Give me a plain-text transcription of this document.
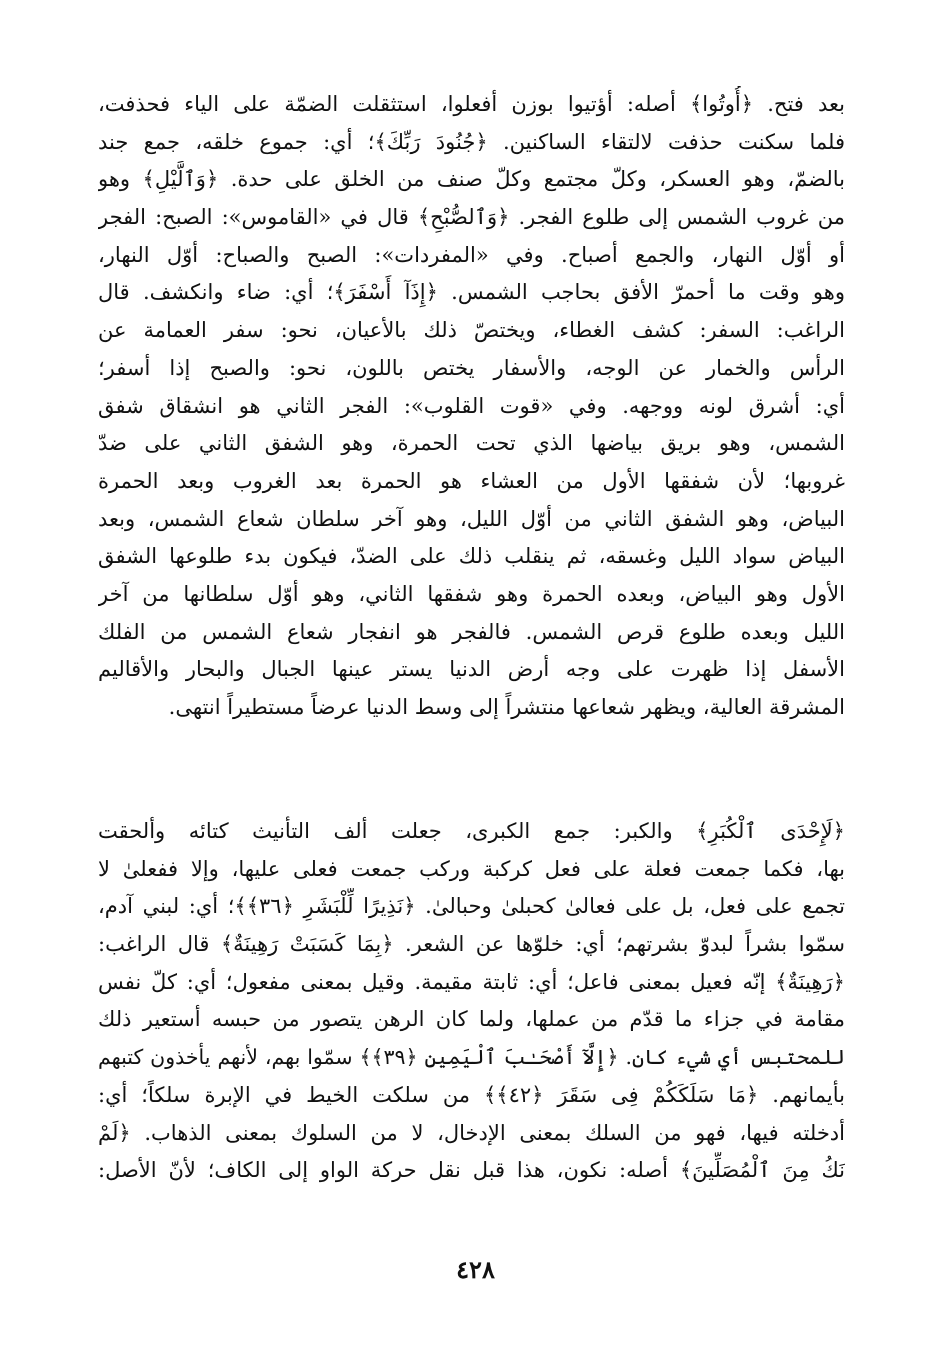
بعد فتح. ﴿أُوتُوا﴾ أصله: أؤتيوا بوزن أفعلوا، استثقلت الضمّة على الياء فحذفت،
فلما سكنت حذفت لالتقاء الساكنين. ﴿جُنُودَ رَبِّكَ﴾؛ أي: جموع خلقه، جمع جند
بالضمّ، وهو العسكر، وكلّ مجتمع وكلّ صنف من الخلق على حدة. ﴿وَٱلَّيْلِ﴾ وهو
من غروب الشمس إلى طلوع الفجر. ﴿وَٱلصُّبْحِ﴾ قال في «القاموس»: الصبح: الفجر
أو أوّل النهار، والجمع أصباح. وفي «المفردات»: الصبح والصباح: أوّل النهار،
وهو وقت ما أحمرّ الأفق بحاجب الشمس. ﴿إِذَآ أَسْفَرَ﴾؛ أي: ضاء وانكشف. قال
الراغب: السفر: كشف الغطاء، ويختصّ ذلك بالأعيان، نحو: سفر العمامة عن
الرأس والخمار عن الوجه، والأسفار يختص باللون، نحو: والصبح إذا أسفر؛
أي: أشرق لونه ووجهه. وفي «قوت القلوب»: الفجر الثاني هو انشقاق شفق
الشمس، وهو بريق بياضها الذي تحت الحمرة، وهو الشفق الثاني على ضدّ
غروبها؛ لأن شفقها الأول من العشاء هو الحمرة بعد الغروب وبعد الحمرة
البياض، وهو الشفق الثاني من أوّل الليل، وهو آخر سلطان شعاع الشمس، وبعد
البياض سواد الليل وغسقه، ثم ينقلب ذلك على الضدّ، فيكون بدء طلوعها الشفق
الأول وهو البياض، وبعده الحمرة وهو شفقها الثاني، وهو أوّل سلطانها من آخر
الليل وبعده طلوع قرص الشمس. فالفجر هو انفجار شعاع الشمس من الفلك
الأسفل إذا ظهرت على وجه أرض الدنيا يستر عينها الجبال والبحار والأقاليم
المشرقة العالية، ويظهر شعاعها منتشراً إلى وسط الدنيا عرضاً مستطيراً انتهى.
﴿لَإِحْدَى ٱلْكُبَرِ﴾ والكبر: جمع الكبرى، جعلت ألف التأنيث كتائه وألحقت
بها، فكما جمعت فعلة على فعل كركبة وركب جمعت فعلى عليها، وإلا ففعلىٰ لا
تجمع على فعل، بل على فعالىٰ كحبلىٰ وحبالىٰ. ﴿نَذِيرًا لِّلْبَشَرِ ﴿٣٦﴾﴾؛ أي: لبني آدم،
سمّوا بشراً لبدوّ بشرتهم؛ أي: خلوّها عن الشعر. ﴿بِمَا كَسَبَتْ رَهِينَةٌ﴾ قال الراغب:
﴿رَهِينَةٌ﴾ إنّه فعيل بمعنى فاعل؛ أي: ثابتة مقيمة. وقيل بمعنى مفعول؛ أي: كلّ نفس
مقامة في جزاء ما قدّم من عملها، ولما كان الرهن يتصور من حبسه أستعير ذلك
للمحتبس أي شيء كان. ﴿إِلَّآ أَصْحَـٰبَ ٱلْيَمِينِ ﴿٣٩﴾﴾ سمّوا بهم، لأنهم يأخذون كتبهم
بأيمانهم. ﴿مَا سَلَكَكُمْ فِى سَقَرَ ﴿٤٢﴾﴾ من سلكت الخيط في الإبرة سلكاً؛ أي:
أدخلته فيها، فهو من السلك بمعنى الإدخال، لا من السلوك بمعنى الذهاب. ﴿لَمْ
نَكُ مِنَ ٱلْمُصَلِّينَ﴾ أصله: نكون، هذا قبل نقل حركة الواو إلى الكاف؛ لأنّ الأصل:
٤٢٨
